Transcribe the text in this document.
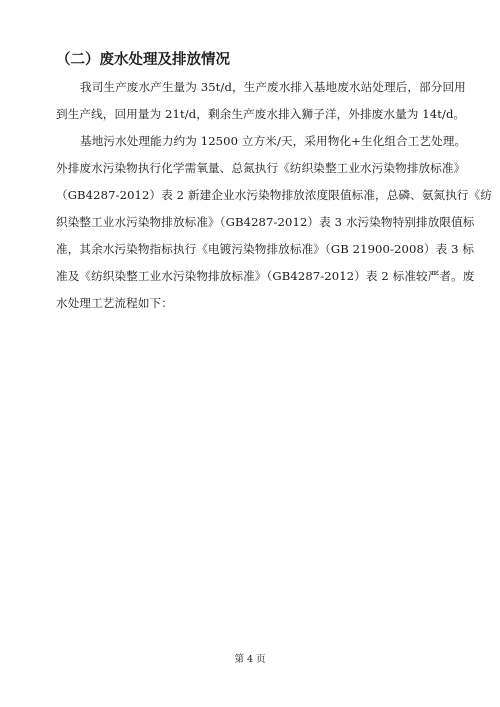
（二）废水处理及排放情况
我司生产废水产生量为 35t/d，生产废水排入基地废水站处理后，部分回用
到生产线，回用量为 21t/d，剩余生产废水排入狮子洋，外排废水量为 14t/d。
基地污水处理能力约为 12500 立方米/天，采用物化+生化组合工艺处理。
外排废水污染物执行化学需氧量、总氮执行《纺织染整工业水污染物排放标准》
（GB4287-2012）表 2 新建企业水污染物排放浓度限值标准，总磷、氨氮执行《纺
织染整工业水污染物排放标准》（GB4287-2012）表 3 水污染物特别排放限值标
准，其余水污染物指标执行《电镀污染物排放标准》（GB 21900-2008）表 3 标
准及《纺织染整工业水污染物排放标准》（GB4287-2012）表 2 标准较严者。废
水处理工艺流程如下：
第 4 页
